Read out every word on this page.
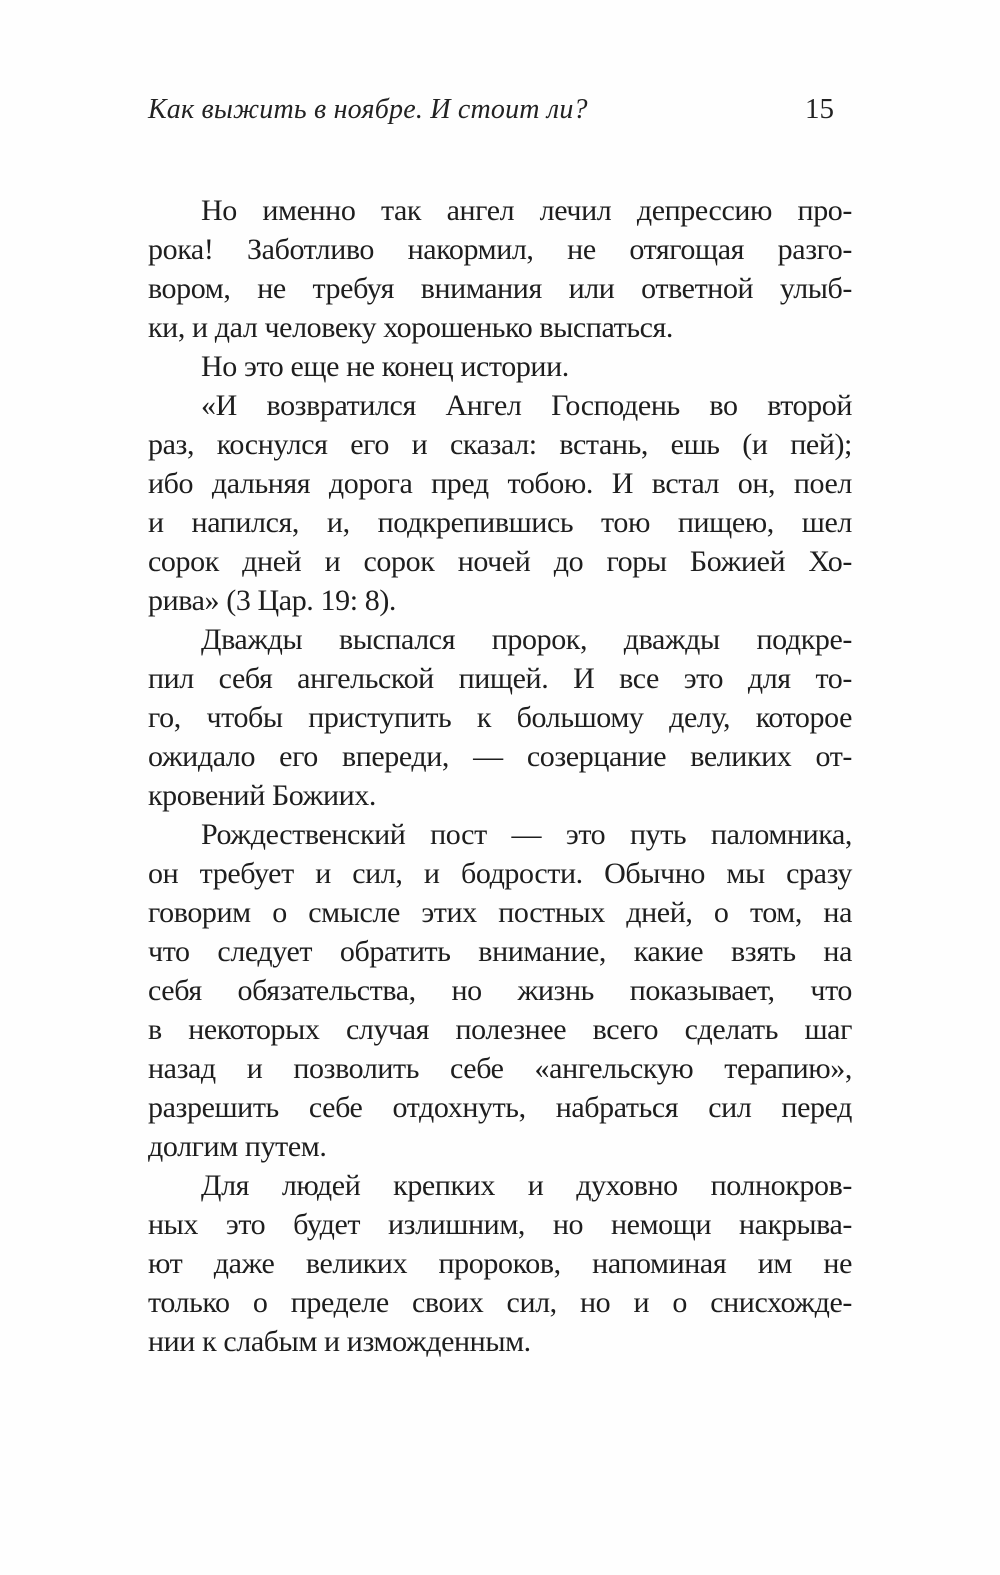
Как выжить в ноябре. И стоит ли?	15
Но именно так ангел лечил депрессию про-
рока! Заботливо накормил, не отягощая разго-
вором, не требуя внимания или ответной улыб-
ки, и дал человеку хорошенько выспаться.
Но это еще не конец истории.
«И возвратился Ангел Господень во второй
раз, коснулся его и сказал: встань, ешь (и пей);
ибо дальняя дорога пред тобою. И встал он, поел
и напился, и, подкрепившись тою пищею, шел
сорок дней и сорок ночей до горы Божией Хо-
рива» (3 Цар. 19: 8).
Дважды выспался пророк, дважды подкре-
пил себя ангельской пищей. И все это для то-
го, чтобы приступить к большому делу, которое
ожидало его впереди, — созерцание великих от-
кровений Божиих.
Рождественский пост — это путь паломника,
он требует и сил, и бодрости. Обычно мы сразу
говорим о смысле этих постных дней, о том, на
что следует обратить внимание, какие взять на
себя обязательства, но жизнь показывает, что
в некоторых случая полезнее всего сделать шаг
назад и позволить себе «ангельскую терапию»,
разрешить себе отдохнуть, набраться сил перед
долгим путем.
Для людей крепких и духовно полнокров-
ных это будет излишним, но немощи накрыва-
ют даже великих пророков, напоминая им не
только о пределе своих сил, но и о снисхожде-
нии к слабым и изможденным.
